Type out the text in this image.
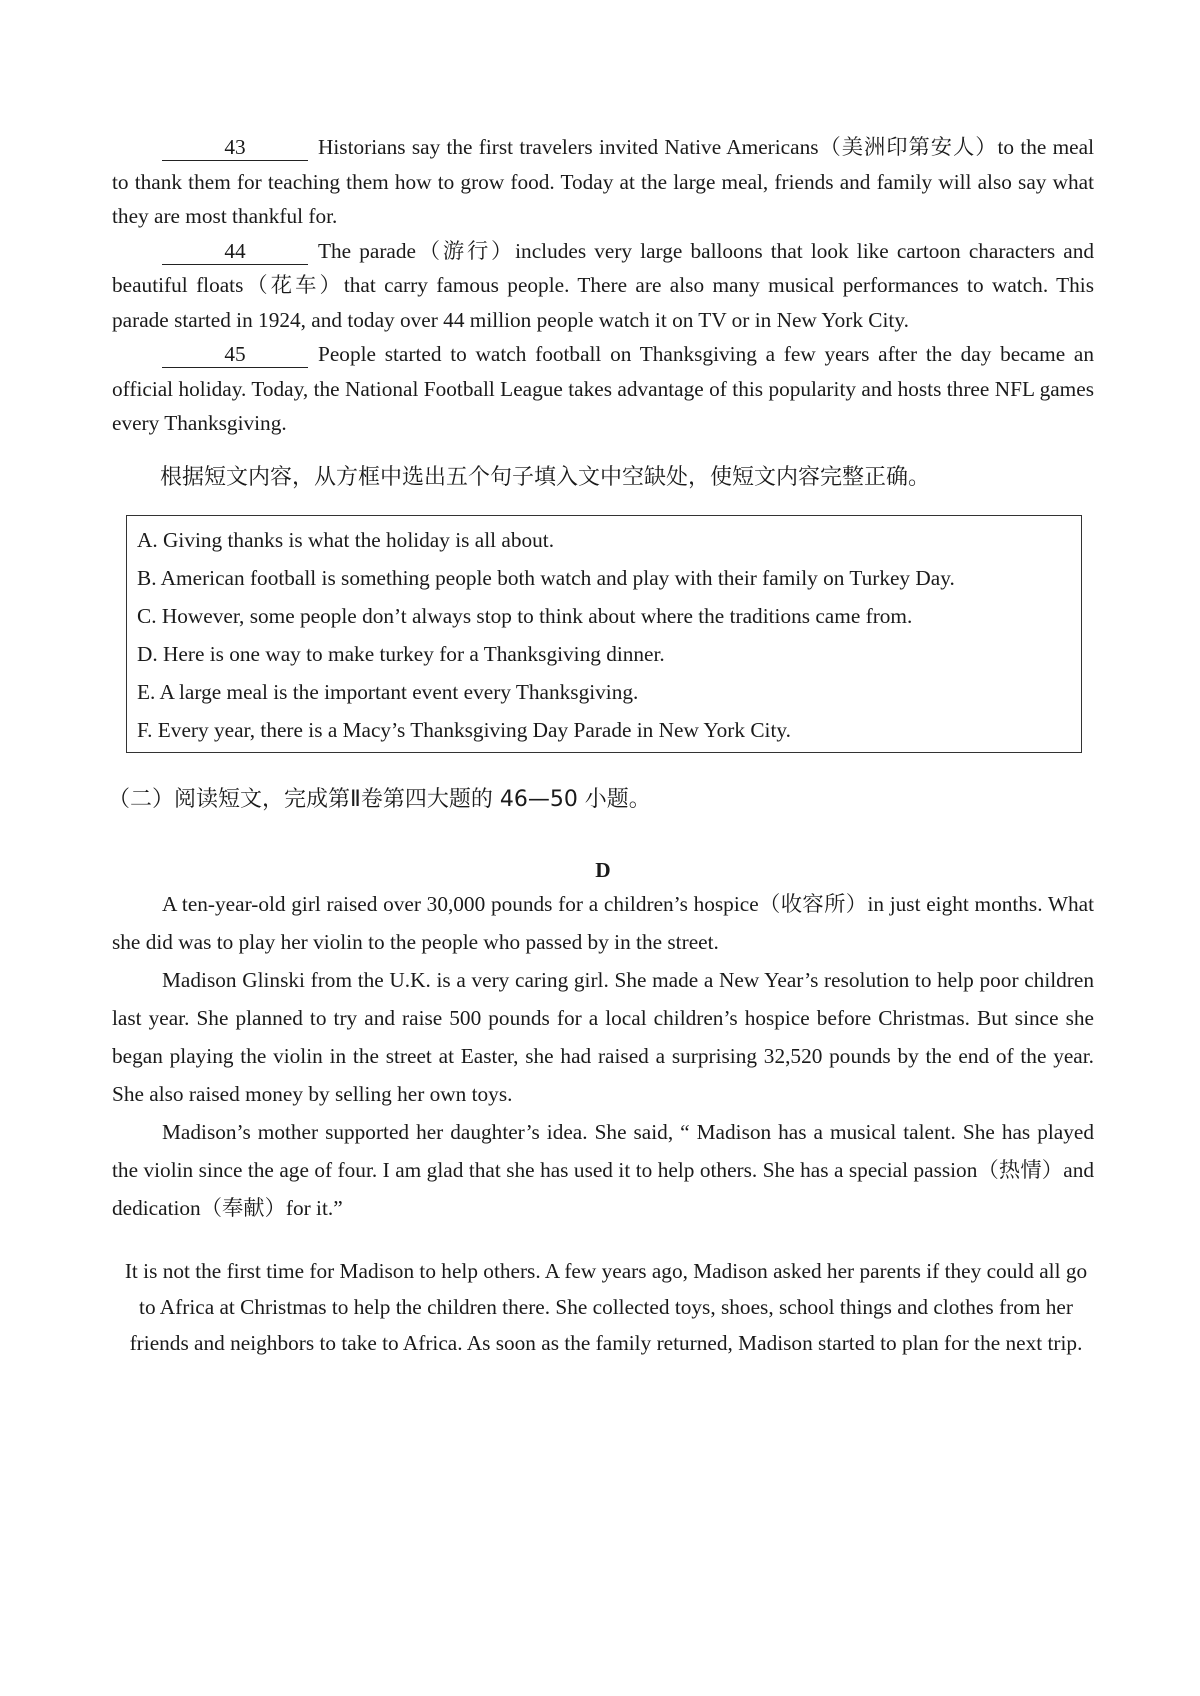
43	Historians say the first travelers invited Native Americans（美洲印第安人）to the meal to thank them for teaching them how to grow food. Today at the large meal, friends and family will also say what they are most thankful for.

44	The parade（游行）includes very large balloons that look like cartoon characters and beautiful floats（花车）that carry famous people. There are also many musical performances to watch. This parade started in 1924, and today over 44 million people watch it on TV or in New York City.

45	People started to watch football on Thanksgiving a few years after the day became an official holiday. Today, the National Football League takes advantage of this popularity and hosts three NFL games every Thanksgiving.

根据短文内容，从方框中选出五个句子填入文中空缺处，使短文内容完整正确。
A. Giving thanks is what the holiday is all about.
B. American football is something people both watch and play with their family on Turkey Day.
C. However, some people don’t always stop to think about where the traditions came from.
D. Here is one way to make turkey for a Thanksgiving dinner.
E. A large meal is the important event every Thanksgiving.
F. Every year, there is a Macy’s Thanksgiving Day Parade in New York City.
（二）阅读短文，完成第Ⅱ卷第四大题的 46—50 小题。
D

A ten-year-old girl raised over 30,000 pounds for a children’s hospice（收容所）in just eight months. What she did was to play her violin to the people who passed by in the street.

Madison Glinski from the U.K. is a very caring girl. She made a New Year’s resolution to help poor children last year. She planned to try and raise 500 pounds for a local children’s hospice before Christmas. But since she began playing the violin in the street at Easter, she had raised a surprising 32,520 pounds by the end of the year. She also raised money by selling her own toys.

Madison’s mother supported her daughter’s idea. She said, “ Madison has a musical talent. She has played the violin since the age of four. I am glad that she has used it to help others. She has a special passion（热情）and dedication（奉献）for it.”

It is not the first time for Madison to help others. A few years ago, Madison asked her parents if they could all go to Africa at Christmas to help the children there. She collected toys, shoes, school things and clothes from her friends and neighbors to take to Africa. As soon as the family returned, Madison started to plan for the next trip.
